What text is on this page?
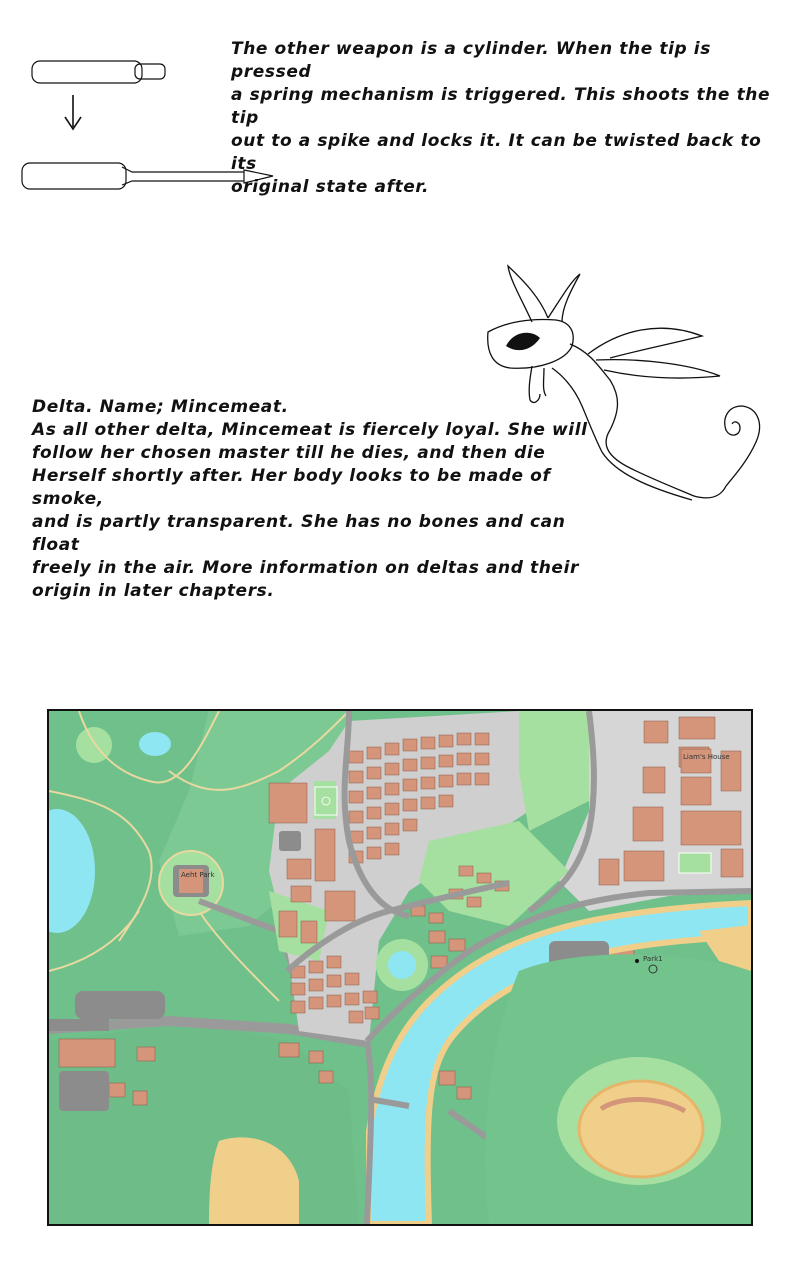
The other weapon is a cylinder. When the tip is pressed
a spring mechanism is triggered. This shoots the the tip
out to a spike and locks it. It can be twisted back to its
original state after.
Delta. Name; Mincemeat.
As all other delta, Mincemeat is fiercely loyal. She will
follow her chosen master till he dies, and then die
Herself shortly after. Her body looks to be made of smoke,
and is partly transparent. She has no bones and can float
freely in the air. More information on deltas and their
origin in later chapters.
Aeht Park
Liam's House
Park1
